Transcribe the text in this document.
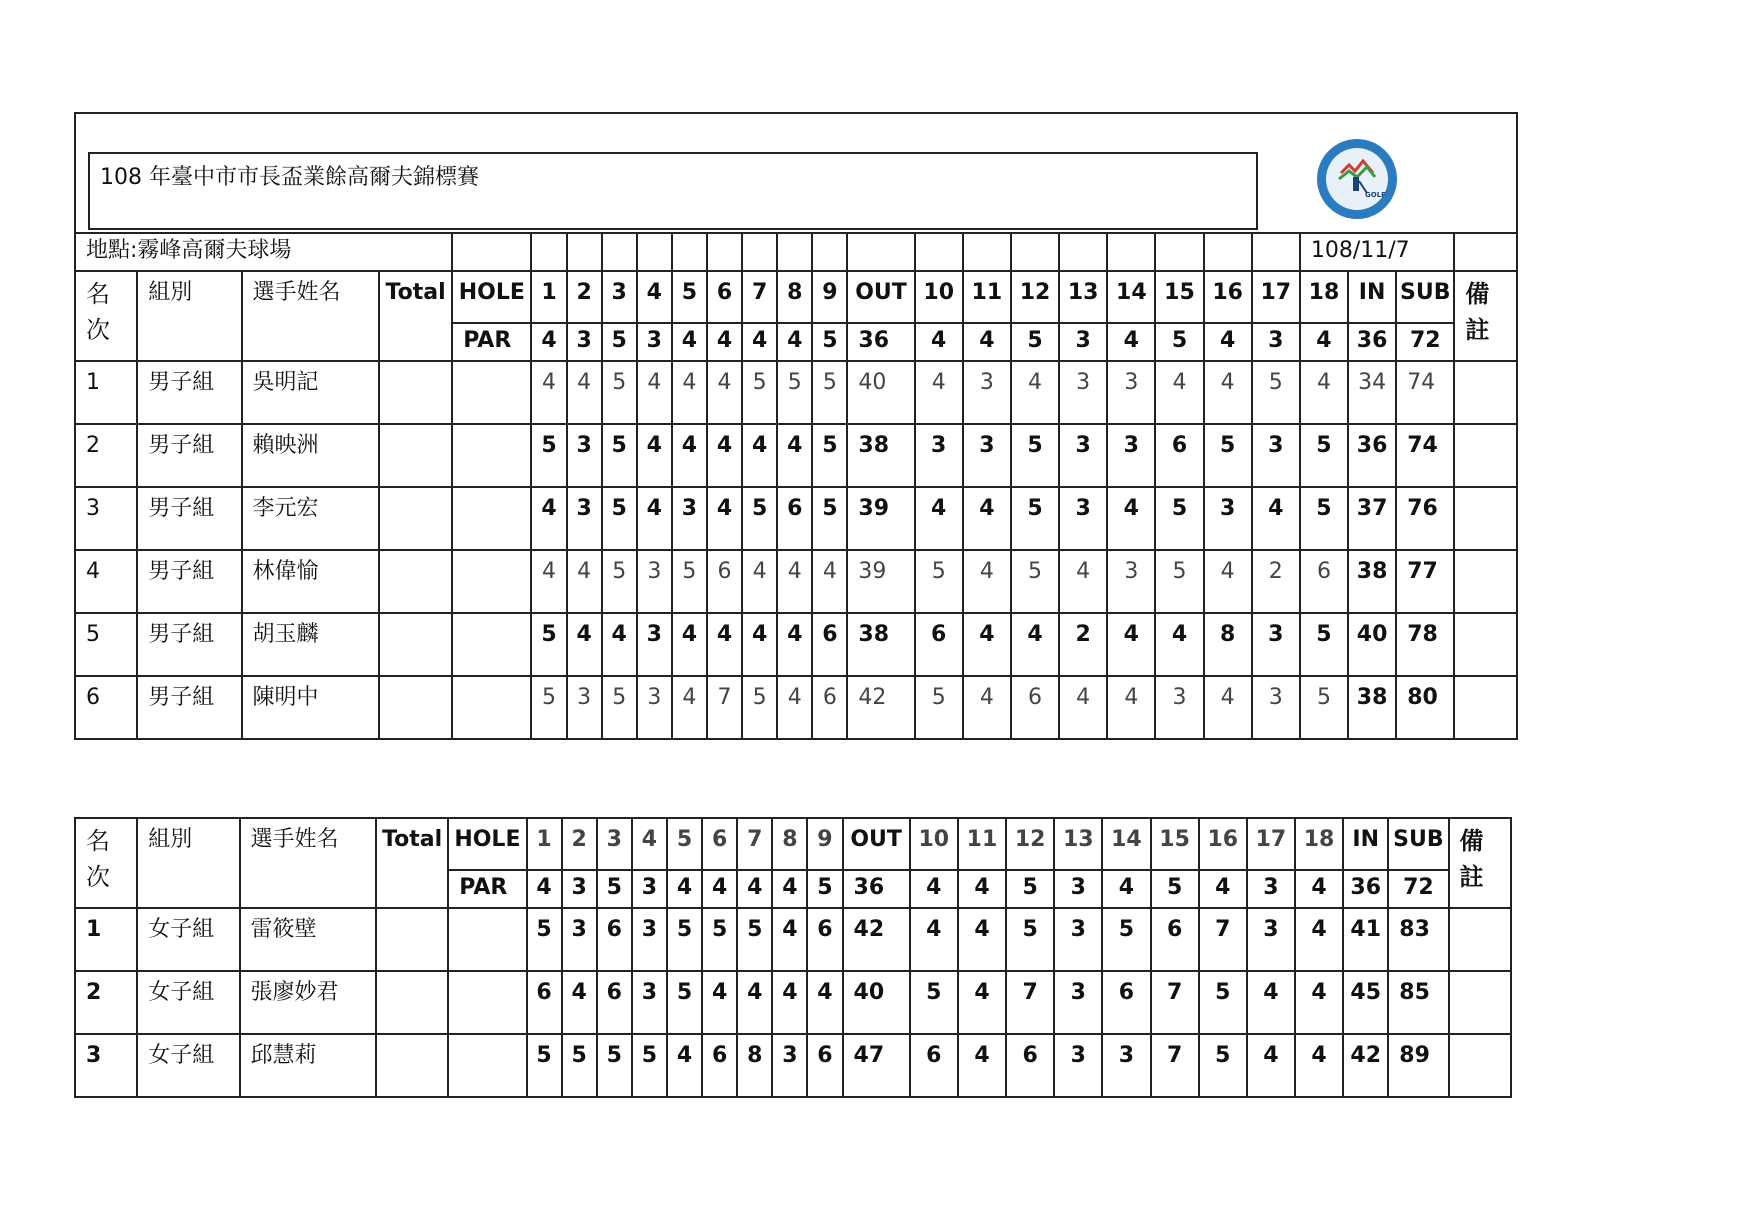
108 年臺中市市長盃業餘高爾夫錦標賽
GOLF																										

地點:霧峰高爾夫球場																							108/11/7			

名
次	組別	選手姓名	Total	HOLE	1	2	3	4	5	6	7	8	9	OUT	10	11	12	13	14	15	16	17	18	IN	SUB	備
註

				PAR	4	3	5	3	4	4	4	4	5	36	4	4	5	3	4	5	4	3	4	36	72	

1	男子組	吳明記			4	4	5	4	4	4	5	5	5	40	4	3	4	3	3	4	4	5	4	34	74	

2	男子組	賴映洲			5	3	5	4	4	4	4	4	5	38	3	3	5	3	3	6	5	3	5	36	74	

3	男子組	李元宏			4	3	5	4	3	4	5	6	5	39	4	4	5	3	4	5	3	4	5	37	76	

4	男子組	林偉愉			4	4	5	3	5	6	4	4	4	39	5	4	5	4	3	5	4	2	6	38	77	

5	男子組	胡玉麟			5	4	4	3	4	4	4	4	6	38	6	4	4	2	4	4	8	3	5	40	78	

6	男子組	陳明中			5	3	5	3	4	7	5	4	6	42	5	4	6	4	4	3	4	3	5	38	80	

名
次	組別	選手姓名	Total	HOLE	1	2	3	4	5	6	7	8	9	OUT	10	11	12	13	14	15	16	17	18	IN	SUB	備
註

				PAR	4	3	5	3	4	4	4	4	5	36	4	4	5	3	4	5	4	3	4	36	72	

1	女子組	雷筱壁			5	3	6	3	5	5	5	4	6	42	4	4	5	3	5	6	7	3	4	41	83	

2	女子組	張廖妙君			6	4	6	3	5	4	4	4	4	40	5	4	7	3	6	7	5	4	4	45	85	

3	女子組	邱慧莉			5	5	5	5	4	6	8	3	6	47	6	4	6	3	3	7	5	4	4	42	89	
